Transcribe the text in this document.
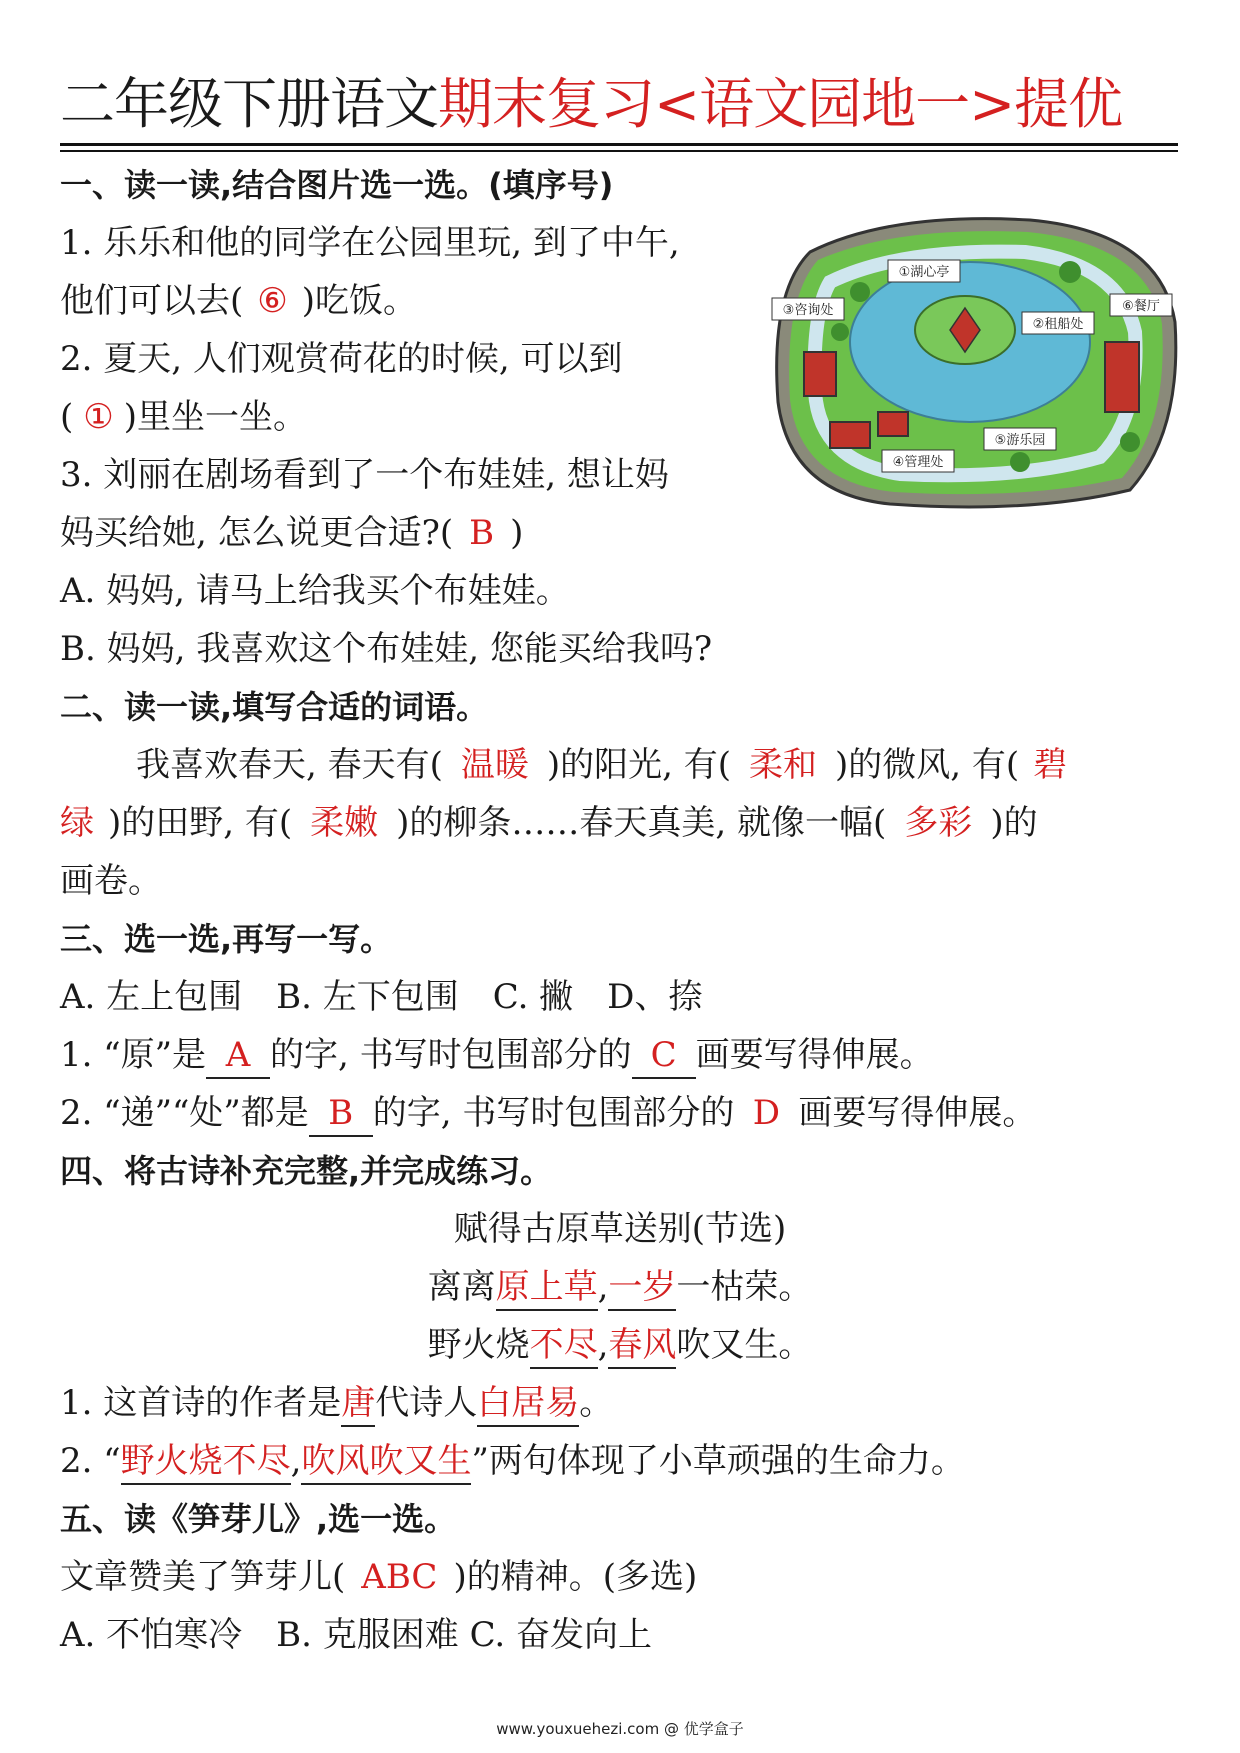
二年级下册语文期末复习<语文园地一>提优
一、读一读,结合图片选一选。(填序号)
1. 乐乐和他的同学在公园里玩, 到了中午,
他们可以去( ⑥ )吃饭。
2. 夏天, 人们观赏荷花的时候, 可以到
( ① )里坐一坐。
3. 刘丽在剧场看到了一个布娃娃, 想让妈
妈买给她, 怎么说更合适?( B )
A. 妈妈, 请马上给我买个布娃娃。
B. 妈妈, 我喜欢这个布娃娃, 您能买给我吗?
①湖心亭
②租船处
③咨询处
④管理处
⑤游乐园
⑥餐厅
二、读一读,填写合适的词语。
我喜欢春天, 春天有( 温暖 )的阳光, 有( 柔和 )的微风, 有( 碧
绿 )的田野, 有( 柔嫩 )的柳条……春天真美, 就像一幅( 多彩 )的
画卷。
三、选一选,再写一写。
A. 左上包围　B. 左下包围　C. 撇　D、捺
1. “原”是 A 的字, 书写时包围部分的 C 画要写得伸展。
2. “递”“处”都是 B 的字, 书写时包围部分的 D 画要写得伸展。
四、将古诗补充完整,并完成练习。
赋得古原草送别(节选)
离离原上草,一岁一枯荣。
野火烧不尽,春风吹又生。
1. 这首诗的作者是唐代诗人白居易。
2. “野火烧不尽,吹风吹又生”两句体现了小草顽强的生命力。
五、读《笋芽儿》,选一选。
文章赞美了笋芽儿( ABC )的精神。(多选)
A. 不怕寒冷　B. 克服困难 C. 奋发向上
www.youxuehezi.com @ 优学盒子
